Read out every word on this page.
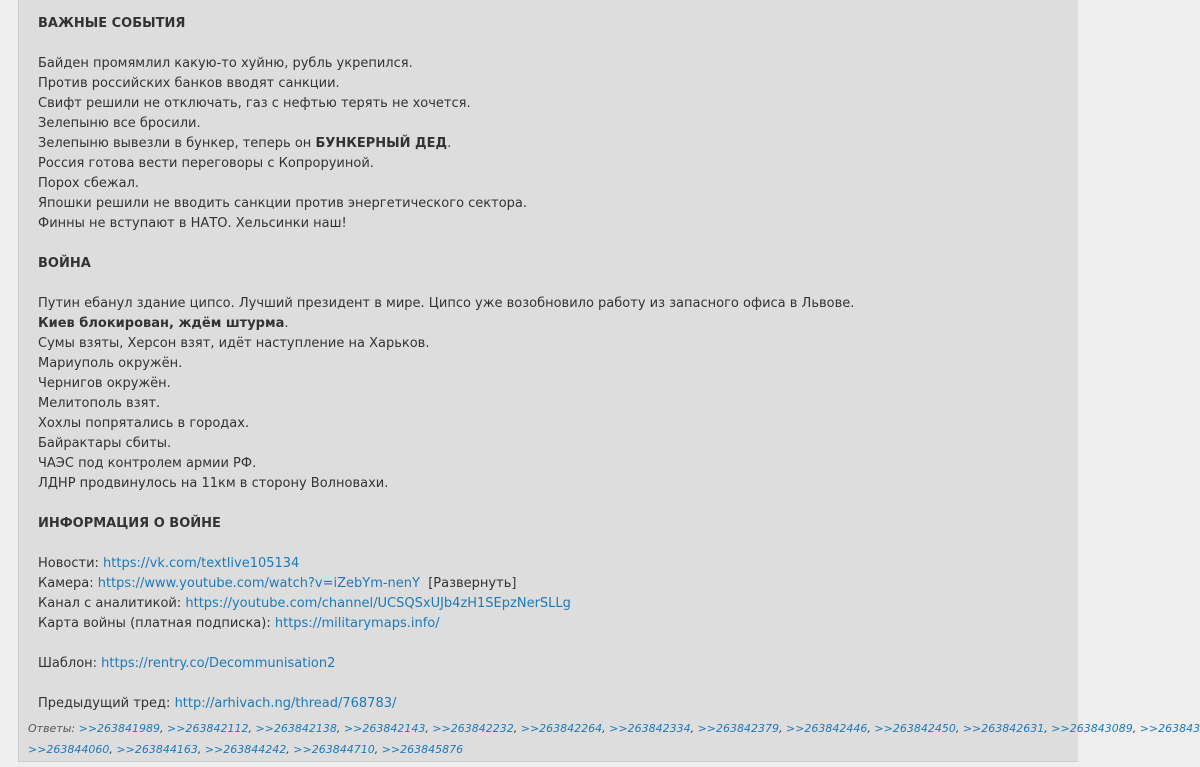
ВАЖНЫЕ СОБЫТИЯ
Байден промямлил какую-то хуйню, рубль укрепился.
Против российских банков вводят санкции.
Свифт решили не отключать, газ с нефтью терять не хочется.
Зелепыню все бросили.
Зелепыню вывезли в бункер, теперь он БУНКЕРНЫЙ ДЕД.
Россия готова вести переговоры с Копроруиной.
Порох сбежал.
Япошки решили не вводить санкции против энергетического сектора.
Финны не вступают в НАТО. Хельсинки наш!
ВОЙНА
Путин ебанул здание ципсо. Лучший президент в мире. Ципсо уже возобновило работу из запасного офиса в Львове.
Киев блокирован, ждём штурма.
Сумы взяты, Херсон взят, идёт наступление на Харьков.
Мариуполь окружён.
Чернигов окружён.
Мелитополь взят.
Хохлы попрятались в городах.
Байрактары сбиты.
ЧАЭС под контролем армии РФ.
ЛДНР продвинулось на 11км в сторону Волновахи.
ИНФОРМАЦИЯ О ВОЙНЕ
Новости: https://vk.com/textlive105134
Камера: https://www.youtube.com/watch?v=iZebYm-nenY [Развернуть]
Канал с аналитикой: https://youtube.com/channel/UCSQSxUJb4zH1SEpzNerSLLg
Карта войны (платная подписка): https://militarymaps.info/
Шаблон: https://rentry.co/Decommunisation2
Предыдущий тред: http://arhivach.ng/thread/768783/
Ответы: >>263841989, >>263842112, >>263842138, >>263842143, >>263842232, >>263842264, >>263842334, >>263842379, >>263842446, >>263842450, >>263842631, >>263843089, >>263843
>>263844060, >>263844163, >>263844242, >>263844710, >>263845876
